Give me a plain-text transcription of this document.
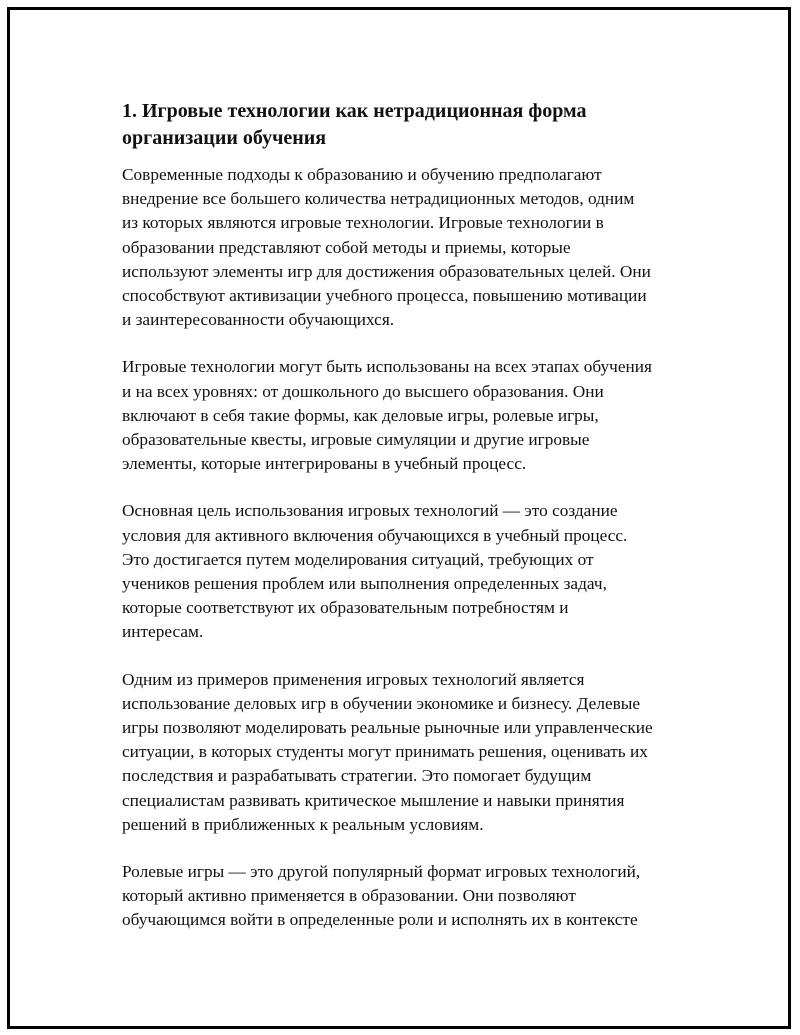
1. Игровые технологии как нетрадиционная форма
организации обучения

Современные подходы к образованию и обучению предполагают
внедрение все большего количества нетрадиционных методов, одним
из которых являются игровые технологии. Игровые технологии в
образовании представляют собой методы и приемы, которые
используют элементы игр для достижения образовательных целей. Они
способствуют активизации учебного процесса, повышению мотивации
и заинтересованности обучающихся.

Игровые технологии могут быть использованы на всех этапах обучения
и на всех уровнях: от дошкольного до высшего образования. Они
включают в себя такие формы, как деловые игры, ролевые игры,
образовательные квесты, игровые симуляции и другие игровые
элементы, которые интегрированы в учебный процесс.

Основная цель использования игровых технологий — это создание
условия для активного включения обучающихся в учебный процесс.
Это достигается путем моделирования ситуаций, требующих от
учеников решения проблем или выполнения определенных задач,
которые соответствуют их образовательным потребностям и
интересам.

Одним из примеров применения игровых технологий является
использование деловых игр в обучении экономике и бизнесу. Делевые
игры позволяют моделировать реальные рыночные или управленческие
ситуации, в которых студенты могут принимать решения, оценивать их
последствия и разрабатывать стратегии. Это помогает будущим
специалистам развивать критическое мышление и навыки принятия
решений в приближенных к реальным условиям.

Ролевые игры — это другой популярный формат игровых технологий,
который активно применяется в образовании. Они позволяют
обучающимся войти в определенные роли и исполнять их в контексте
